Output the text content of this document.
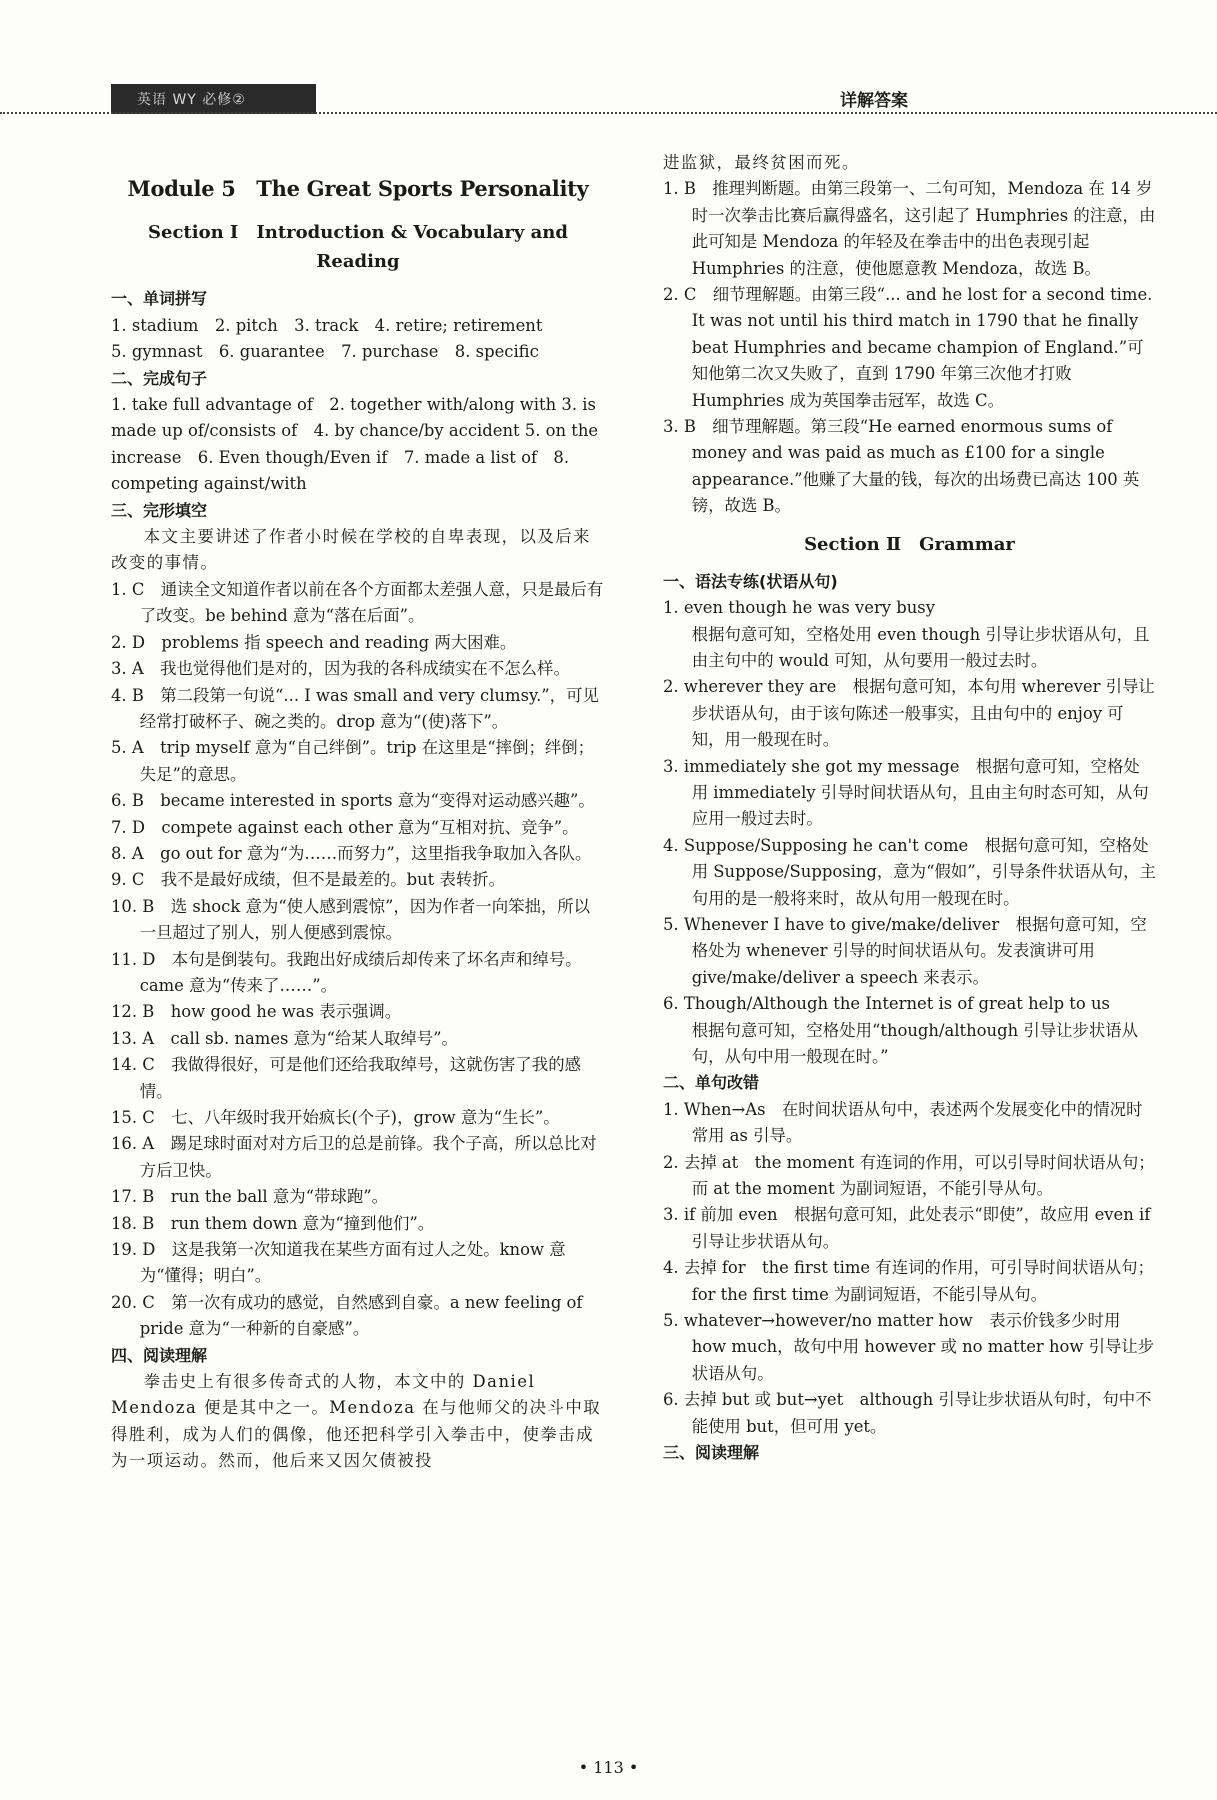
英语 WY 必修②	详解答案
Module 5　The Great Sports Personality
Section Ⅰ　Introduction & Vocabulary and Reading
一、单词拼写
1. stadium　2. pitch　3. track　4. retire; retirement
5. gymnast　6. guarantee　7. purchase　8. specific
二、完成句子
1. take full advantage of　2. together with/along with 3. is made up of/consists of　4. by chance/by accident 5. on the increase　6. Even though/Even if　7. made a list of　8. competing against/with
三、完形填空
本文主要讲述了作者小时候在学校的自卑表现，以及后来改变的事情。
1. C　通读全文知道作者以前在各个方面都太差强人意，只是最后有了改变。be behind 意为“落在后面”。
2. D　problems 指 speech and reading 两大困难。
3. A　我也觉得他们是对的，因为我的各科成绩实在不怎么样。
4. B　第二段第一句说“... I was small and very clumsy.”，可见经常打破杯子、碗之类的。drop 意为“(使)落下”。
5. A　trip myself 意为“自己绊倒”。trip 在这里是“摔倒；绊倒；失足”的意思。
6. B　became interested in sports 意为“变得对运动感兴趣”。
7. D　compete against each other 意为“互相对抗、竞争”。
8. A　go out for 意为“为……而努力”，这里指我争取加入各队。
9. C　我不是最好成绩，但不是最差的。but 表转折。
10. B　选 shock 意为“使人感到震惊”，因为作者一向笨拙，所以一旦超过了别人，别人便感到震惊。
11. D　本句是倒装句。我跑出好成绩后却传来了坏名声和绰号。came 意为“传来了……”。
12. B　how good he was 表示强调。
13. A　call sb. names 意为“给某人取绰号”。
14. C　我做得很好，可是他们还给我取绰号，这就伤害了我的感情。
15. C　七、八年级时我开始疯长(个子)，grow 意为“生长”。
16. A　踢足球时面对对方后卫的总是前锋。我个子高，所以总比对方后卫快。
17. B　run the ball 意为“带球跑”。
18. B　run them down 意为“撞到他们”。
19. D　这是我第一次知道我在某些方面有过人之处。know 意为“懂得；明白”。
20. C　第一次有成功的感觉，自然感到自豪。a new feeling of pride 意为“一种新的自豪感”。
四、阅读理解
拳击史上有很多传奇式的人物，本文中的 Daniel Mendoza 便是其中之一。Mendoza 在与他师父的决斗中取得胜利，成为人们的偶像，他还把科学引入拳击中，使拳击成为一项运动。然而，他后来又因欠债被投
进监狱，最终贫困而死。
1. B　推理判断题。由第三段第一、二句可知，Mendoza 在 14 岁时一次拳击比赛后赢得盛名，这引起了 Humphries 的注意，由此可知是 Mendoza 的年轻及在拳击中的出色表现引起 Humphries 的注意，使他愿意教 Mendoza，故选 B。
2. C　细节理解题。由第三段“... and he lost for a second time. It was not until his third match in 1790 that he finally beat Humphries and became champion of England.”可知他第二次又失败了，直到 1790 年第三次他才打败 Humphries 成为英国拳击冠军，故选 C。
3. B　细节理解题。第三段“He earned enormous sums of money and was paid as much as £100 for a single appearance.”他赚了大量的钱，每次的出场费已高达 100 英镑，故选 B。
Section Ⅱ　Grammar
一、语法专练(状语从句)
1. even though he was very busy
根据句意可知，空格处用 even though 引导让步状语从句，且由主句中的 would 可知，从句要用一般过去时。
2. wherever they are　根据句意可知，本句用 wherever 引导让步状语从句，由于该句陈述一般事实，且由句中的 enjoy 可知，用一般现在时。
3. immediately she got my message　根据句意可知，空格处用 immediately 引导时间状语从句，且由主句时态可知，从句应用一般过去时。
4. Suppose/Supposing he can't come　根据句意可知，空格处用 Suppose/Supposing，意为“假如”，引导条件状语从句，主句用的是一般将来时，故从句用一般现在时。
5. Whenever I have to give/make/deliver　根据句意可知，空格处为 whenever 引导的时间状语从句。发表演讲可用 give/make/deliver a speech 来表示。
6. Though/Although the Internet is of great help to us
根据句意可知，空格处用“though/although 引导让步状语从句，从句中用一般现在时。”
二、单句改错
1. When→As　在时间状语从句中，表述两个发展变化中的情况时常用 as 引导。
2. 去掉 at　the moment 有连词的作用，可以引导时间状语从句；而 at the moment 为副词短语，不能引导从句。
3. if 前加 even　根据句意可知，此处表示“即使”，故应用 even if 引导让步状语从句。
4. 去掉 for　the first time 有连词的作用，可引导时间状语从句；for the first time 为副词短语，不能引导从句。
5. whatever→however/no matter how　表示价钱多少时用 how much，故句中用 however 或 no matter how 引导让步状语从句。
6. 去掉 but 或 but→yet　although 引导让步状语从句时，句中不能使用 but，但可用 yet。
三、阅读理解
• 113 •
